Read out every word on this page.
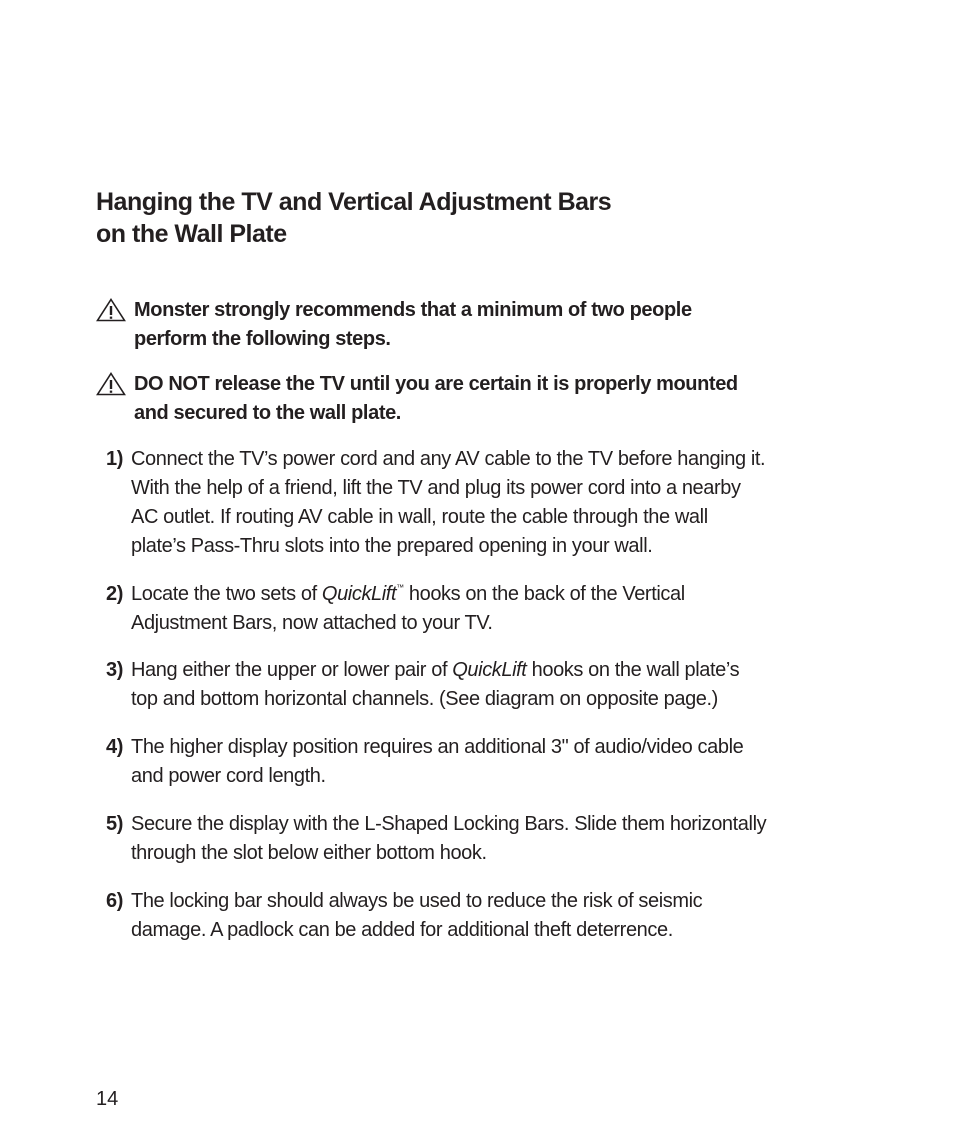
Hanging the TV and Vertical Adjustment Bars
on the Wall Plate
Monster strongly recommends that a minimum of two people
perform the following steps.
DO NOT release the TV until you are certain it is properly mounted
and secured to the wall plate.
1) Connect the TV’s power cord and any AV cable to the TV before hanging it.
With the help of a friend, lift the TV and plug its power cord into a nearby
AC outlet. If routing AV cable in wall, route the cable through the wall
plate’s Pass-Thru slots into the prepared opening in your wall.
2) Locate the two sets of QuickLift™ hooks on the back of the Vertical
Adjustment Bars, now attached to your TV.
3) Hang either the upper or lower pair of QuickLift hooks on the wall plate’s
top and bottom horizontal channels. (See diagram on opposite page.)
4) The higher display position requires an additional 3" of audio/video cable
and power cord length.
5) Secure the display with the L-Shaped Locking Bars. Slide them horizontally
through the slot below either bottom hook.
6) The locking bar should always be used to reduce the risk of seismic
damage. A padlock can be added for additional theft deterrence.
14
